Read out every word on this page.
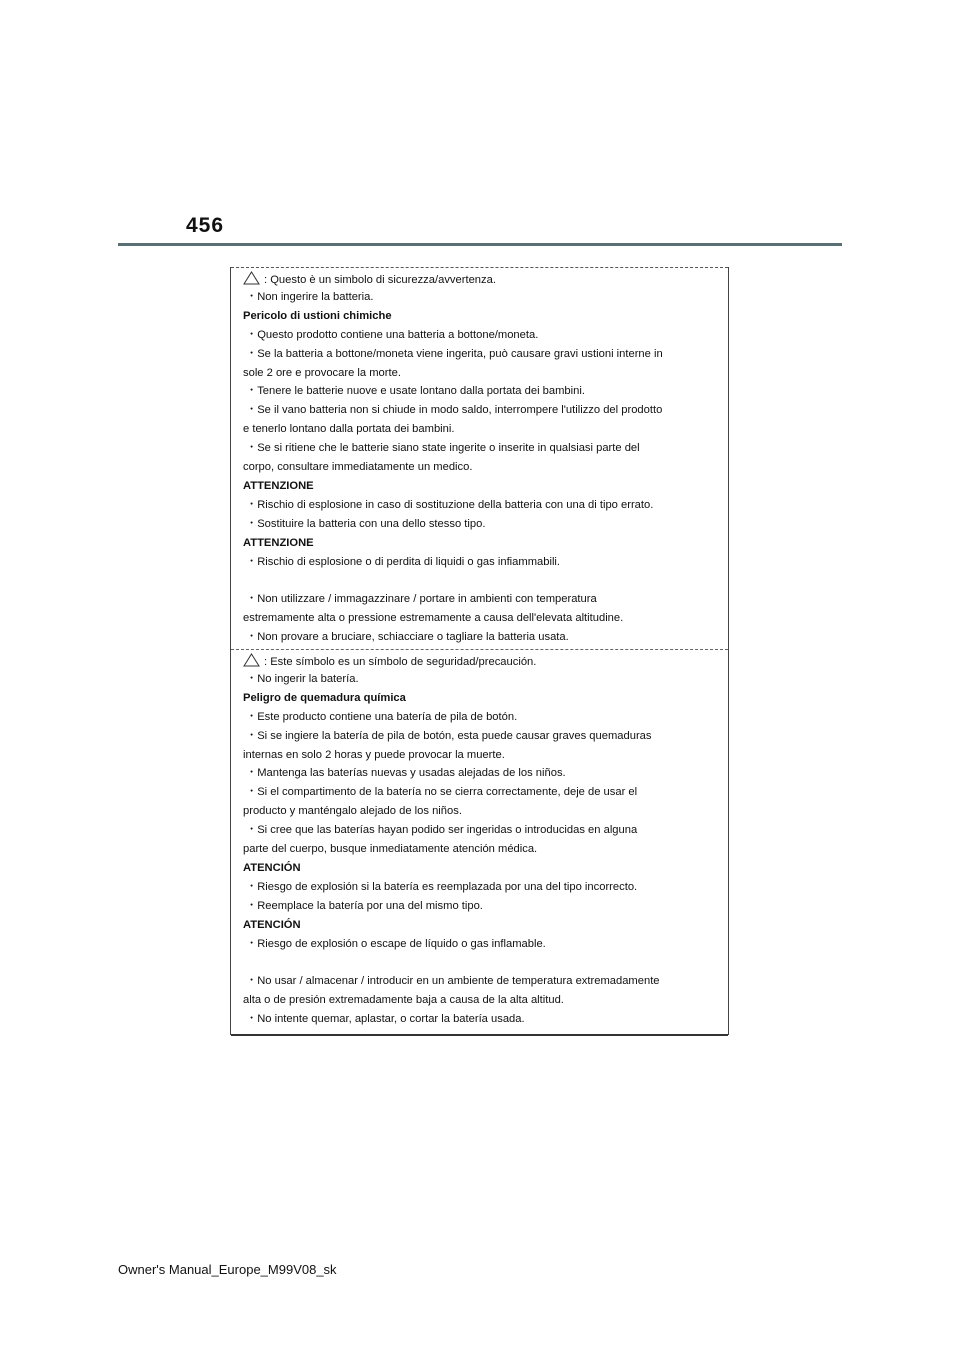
456
: Questo è un simbolo di sicurezza/avvertenza.
・Non ingerire la batteria.
Pericolo di ustioni chimiche
・Questo prodotto contiene una batteria a bottone/moneta.
・Se la batteria a bottone/moneta viene ingerita, può causare gravi ustioni interne in
sole 2 ore e provocare la morte.
・Tenere le batterie nuove e usate lontano dalla portata dei bambini.
・Se il vano batteria non si chiude in modo saldo, interrompere l'utilizzo del prodotto
e tenerlo lontano dalla portata dei bambini.
・Se si ritiene che le batterie siano state ingerite o inserite in qualsiasi parte del
corpo, consultare immediatamente un medico.
ATTENZIONE
・Rischio di esplosione in caso di sostituzione della batteria con una di tipo errato.
・Sostituire la batteria con una dello stesso tipo.
ATTENZIONE
・Rischio di esplosione o di perdita di liquidi o gas infiammabili.
・Non utilizzare / immagazzinare / portare in ambienti con temperatura
estremamente alta o pressione estremamente a causa dell'elevata altitudine.
・Non provare a bruciare, schiacciare o tagliare la batteria usata.
: Este símbolo es un símbolo de seguridad/precaución.
・No ingerir la batería.
Peligro de quemadura química
・Este producto contiene una batería de pila de botón.
・Si se ingiere la batería de pila de botón, esta puede causar graves quemaduras
internas en solo 2 horas y puede provocar la muerte.
・Mantenga las baterías nuevas y usadas alejadas de los niños.
・Si el compartimento de la batería no se cierra correctamente, deje de usar el
producto y manténgalo alejado de los niños.
・Si cree que las baterías hayan podido ser ingeridas o introducidas en alguna
parte del cuerpo, busque inmediatamente atención médica.
ATENCIÓN
・Riesgo de explosión si la batería es reemplazada por una del tipo incorrecto.
・Reemplace la batería por una del mismo tipo.
ATENCIÓN
・Riesgo de explosión o escape de líquido o gas inflamable.
・No usar / almacenar / introducir en un ambiente de temperatura extremadamente
alta o de presión extremadamente baja a causa de la alta altitud.
・No intente quemar, aplastar, o cortar la batería usada.
Owner's Manual_Europe_M99V08_sk
